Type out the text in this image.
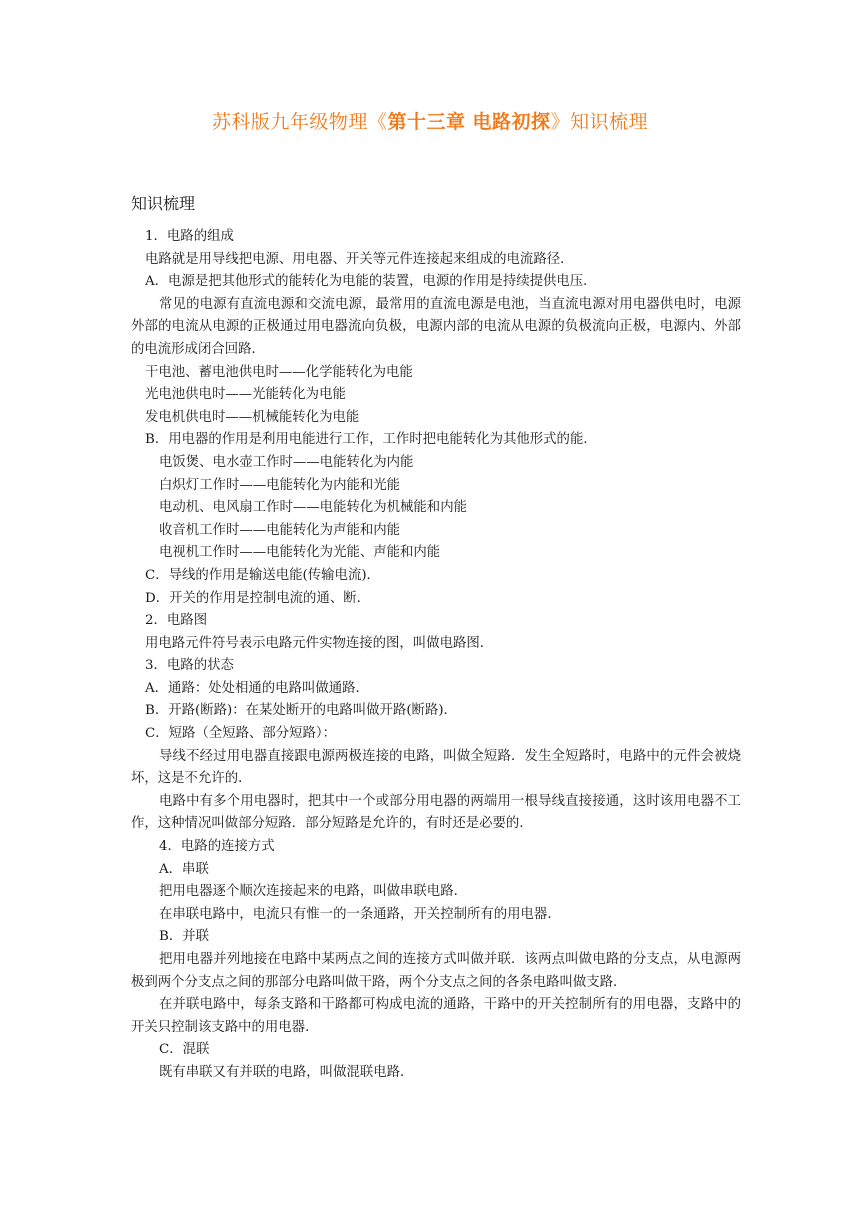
苏科版九年级物理《第十三章 电路初探》知识梳理
知识梳理
1．电路的组成
电路就是用导线把电源、用电器、开关等元件连接起来组成的电流路径．
A．电源是把其他形式的能转化为电能的装置，电源的作用是持续提供电压．
常见的电源有直流电源和交流电源，最常用的直流电源是电池，当直流电源对用电器供电时，电源外部的电流从电源的正极通过用电器流向负极，电源内部的电流从电源的负极流向正极，电源内、外部的电流形成闭合回路．
干电池、蓄电池供电时——化学能转化为电能
光电池供电时——光能转化为电能
发电机供电时——机械能转化为电能
B．用电器的作用是利用电能进行工作，工作时把电能转化为其他形式的能．
电饭煲、电水壶工作时——电能转化为内能
白炽灯工作时——电能转化为内能和光能
电动机、电风扇工作时——电能转化为机械能和内能
收音机工作时——电能转化为声能和内能
电视机工作时——电能转化为光能、声能和内能
C．导线的作用是输送电能(传输电流)．
D．开关的作用是控制电流的通、断．
2．电路图
用电路元件符号表示电路元件实物连接的图，叫做电路图．
3．电路的状态
A．通路：处处相通的电路叫做通路．
B．开路(断路)：在某处断开的电路叫做开路(断路)．
C．短路（全短路、部分短路）：
导线不经过用电器直接跟电源两极连接的电路，叫做全短路．发生全短路时，电路中的元件会被烧坏，这是不允许的．
电路中有多个用电器时，把其中一个或部分用电器的两端用一根导线直接接通，这时该用电器不工作，这种情况叫做部分短路．部分短路是允许的，有时还是必要的．
4．电路的连接方式
A．串联
把用电器逐个顺次连接起来的电路，叫做串联电路．
在串联电路中，电流只有惟一的一条通路，开关控制所有的用电器．
B．并联
把用电器并列地接在电路中某两点之间的连接方式叫做并联．该两点叫做电路的分支点，从电源两极到两个分支点之间的那部分电路叫做干路，两个分支点之间的各条电路叫做支路．
在并联电路中，每条支路和干路都可构成电流的通路，干路中的开关控制所有的用电器，支路中的开关只控制该支路中的用电器．
C．混联
既有串联又有并联的电路，叫做混联电路．
